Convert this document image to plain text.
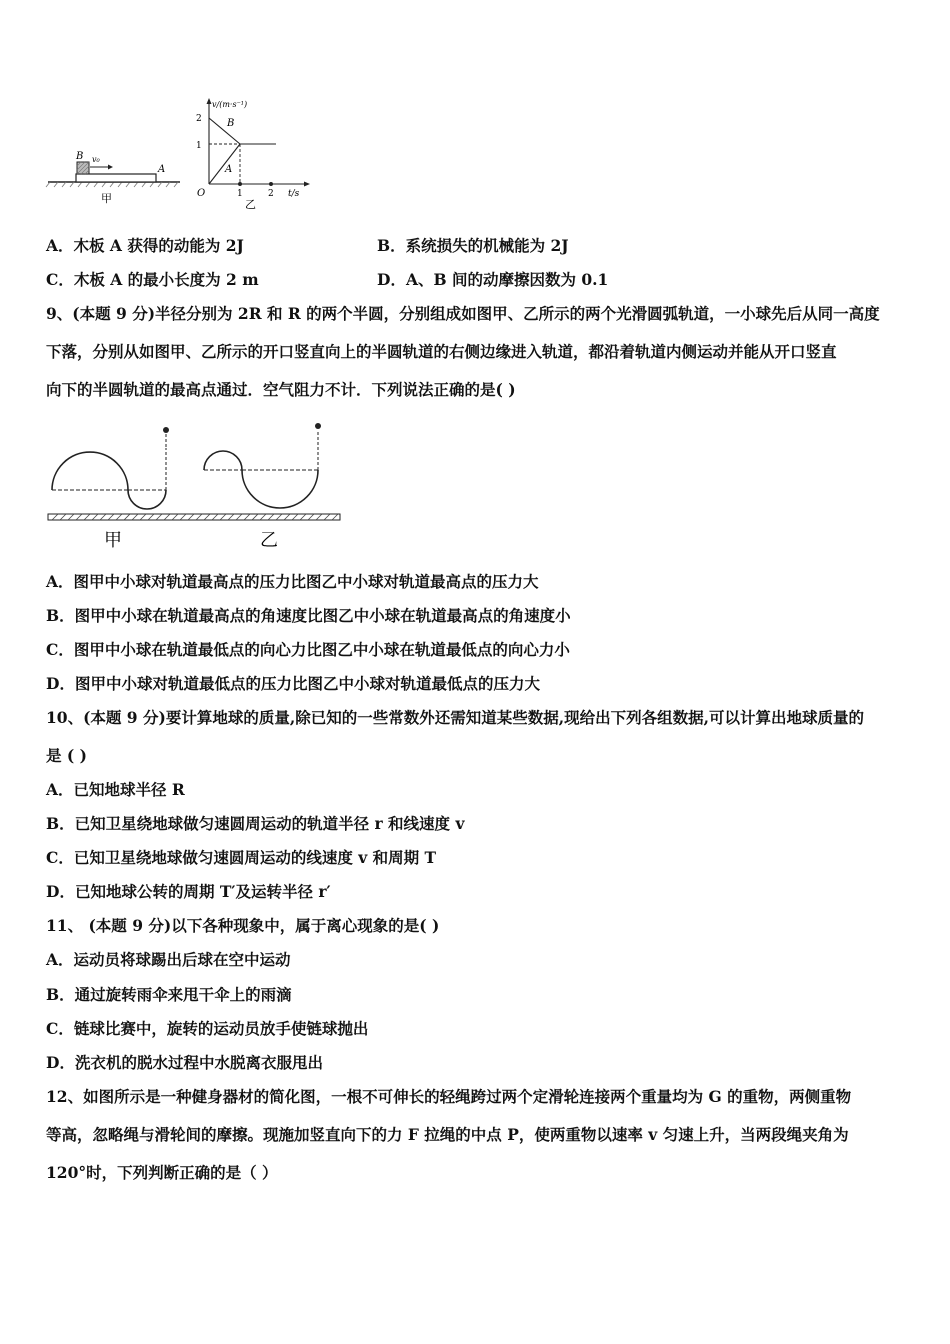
B v₀
A
甲
v/(m·s⁻¹)
t/s
O
2
1
1	2
B
A
乙
A．木板 A 获得的动能为 2J	B．系统损失的机械能为 2J
C．木板 A 的最小长度为 2 m	D．A、B 间的动摩擦因数为 0.1
9、(本题 9 分)半径分别为 2R 和 R 的两个半圆，分别组成如图甲、乙所示的两个光滑圆弧轨道，一小球先后从同一高度
下落，分别从如图甲、乙所示的开口竖直向上的半圆轨道的右侧边缘进入轨道，都沿着轨道内侧运动并能从开口竖直
向下的半圆轨道的最高点通过．空气阻力不计．下列说法正确的是( )
甲	乙
A．图甲中小球对轨道最高点的压力比图乙中小球对轨道最高点的压力大
B．图甲中小球在轨道最高点的角速度比图乙中小球在轨道最高点的角速度小
C．图甲中小球在轨道最低点的向心力比图乙中小球在轨道最低点的向心力小
D．图甲中小球对轨道最低点的压力比图乙中小球对轨道最低点的压力大
10、(本题 9 分)要计算地球的质量,除已知的一些常数外还需知道某些数据,现给出下列各组数据,可以计算出地球质量的
是 ( )
A．已知地球半径 R
B．已知卫星绕地球做匀速圆周运动的轨道半径 r 和线速度 v
C．已知卫星绕地球做匀速圆周运动的线速度 v 和周期 T
D．已知地球公转的周期 T′及运转半径 r′
11、 (本题 9 分)以下各种现象中，属于离心现象的是( )
A．运动员将球踢出后球在空中运动
B．通过旋转雨伞来甩干伞上的雨滴
C．链球比赛中，旋转的运动员放手使链球抛出
D．洗衣机的脱水过程中水脱离衣服甩出
12、如图所示是一种健身器材的简化图，一根不可伸长的轻绳跨过两个定滑轮连接两个重量均为 G 的重物，两侧重物
等高，忽略绳与滑轮间的摩擦。现施加竖直向下的力 F 拉绳的中点 P，使两重物以速率 v 匀速上升，当两段绳夹角为
120°时，下列判断正确的是（ ）
